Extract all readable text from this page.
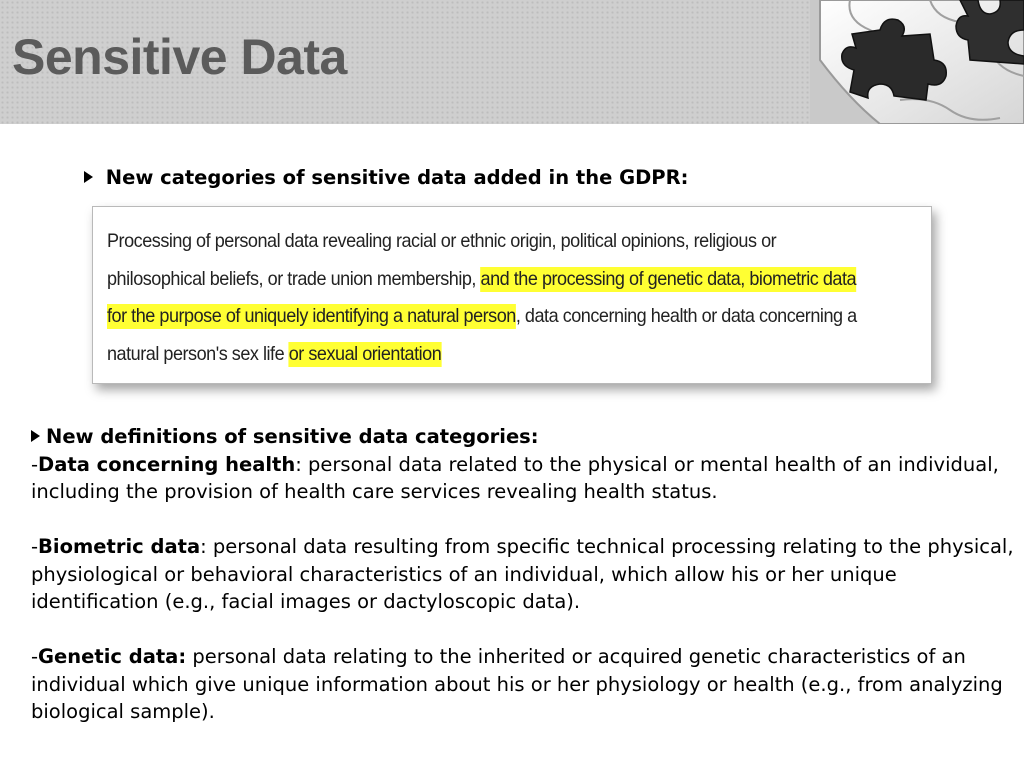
Sensitive Data
New categories of sensitive data added in the GDPR:
Processing of personal data revealing racial or ethnic origin, political opinions, religious or philosophical beliefs, or trade union membership, and the processing of genetic data, biometric data for the purpose of uniquely identifying a natural person, data concerning health or data concerning a natural person's sex life or sexual orientation
New definitions of sensitive data categories:

-Data concerning health: personal data related to the physical or mental health of an individual, including the provision of health care services revealing health status.

-Biometric data: personal data resulting from specific technical processing relating to the physical, physiological or behavioral characteristics of an individual, which allow his or her unique identification (e.g., facial images or dactyloscopic data).

-Genetic data: personal data relating to the inherited or acquired genetic characteristics of an individual which give unique information about his or her physiology or health (e.g., from analyzing biological sample).
